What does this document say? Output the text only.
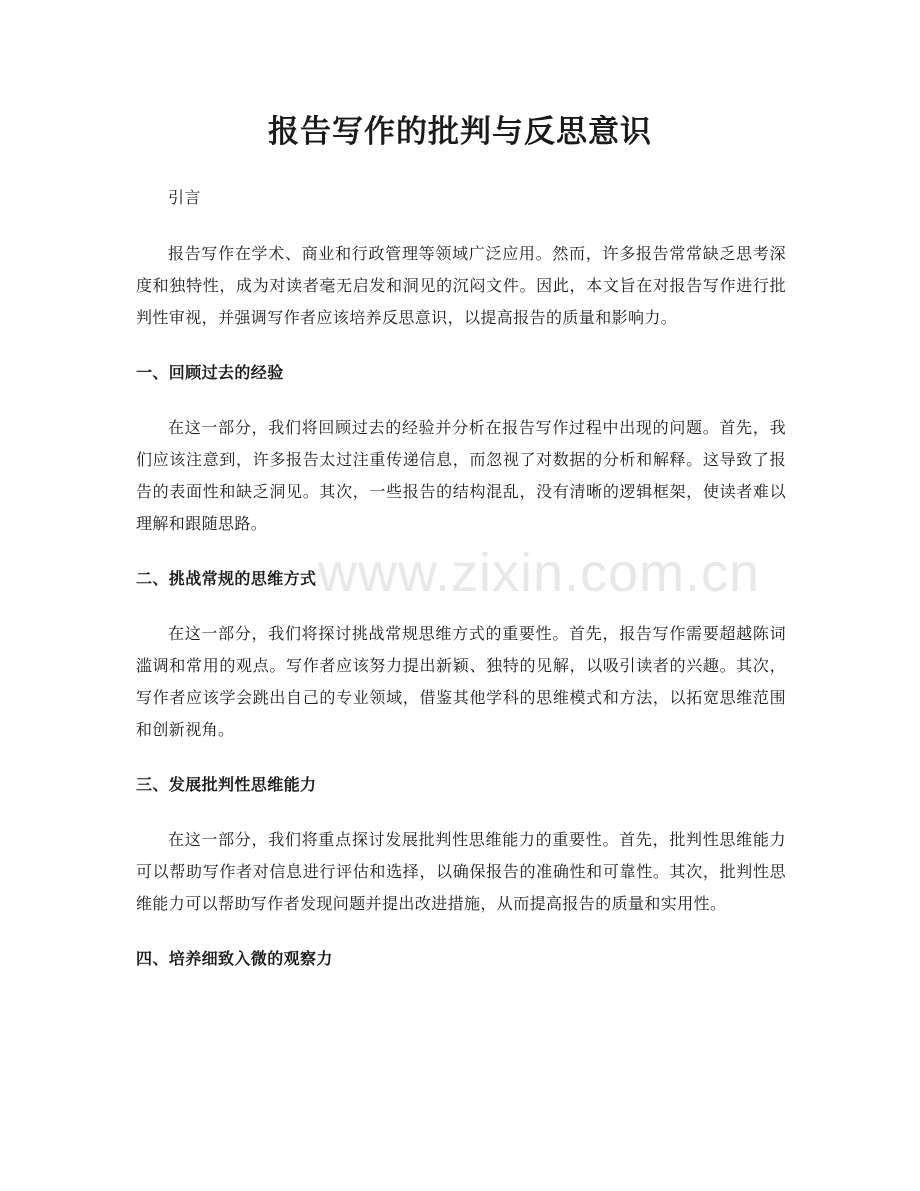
报告写作的批判与反思意识

引言

报告写作在学术、商业和行政管理等领域广泛应用。然而，许多报告常常缺乏思考深度和独特性，成为对读者毫无启发和洞见的沉闷文件。因此，本文旨在对报告写作进行批判性审视，并强调写作者应该培养反思意识，以提高报告的质量和影响力。

一、回顾过去的经验

在这一部分，我们将回顾过去的经验并分析在报告写作过程中出现的问题。首先，我们应该注意到，许多报告太过注重传递信息，而忽视了对数据的分析和解释。这导致了报告的表面性和缺乏洞见。其次，一些报告的结构混乱，没有清晰的逻辑框架，使读者难以理解和跟随思路。

二、挑战常规的思维方式

在这一部分，我们将探讨挑战常规思维方式的重要性。首先，报告写作需要超越陈词滥调和常用的观点。写作者应该努力提出新颖、独特的见解，以吸引读者的兴趣。其次，写作者应该学会跳出自己的专业领域，借鉴其他学科的思维模式和方法，以拓宽思维范围和创新视角。

三、发展批判性思维能力

在这一部分，我们将重点探讨发展批判性思维能力的重要性。首先，批判性思维能力可以帮助写作者对信息进行评估和选择，以确保报告的准确性和可靠性。其次，批判性思维能力可以帮助写作者发现问题并提出改进措施，从而提高报告的质量和实用性。

四、培养细致入微的观察力
www.zixin.com.cn
